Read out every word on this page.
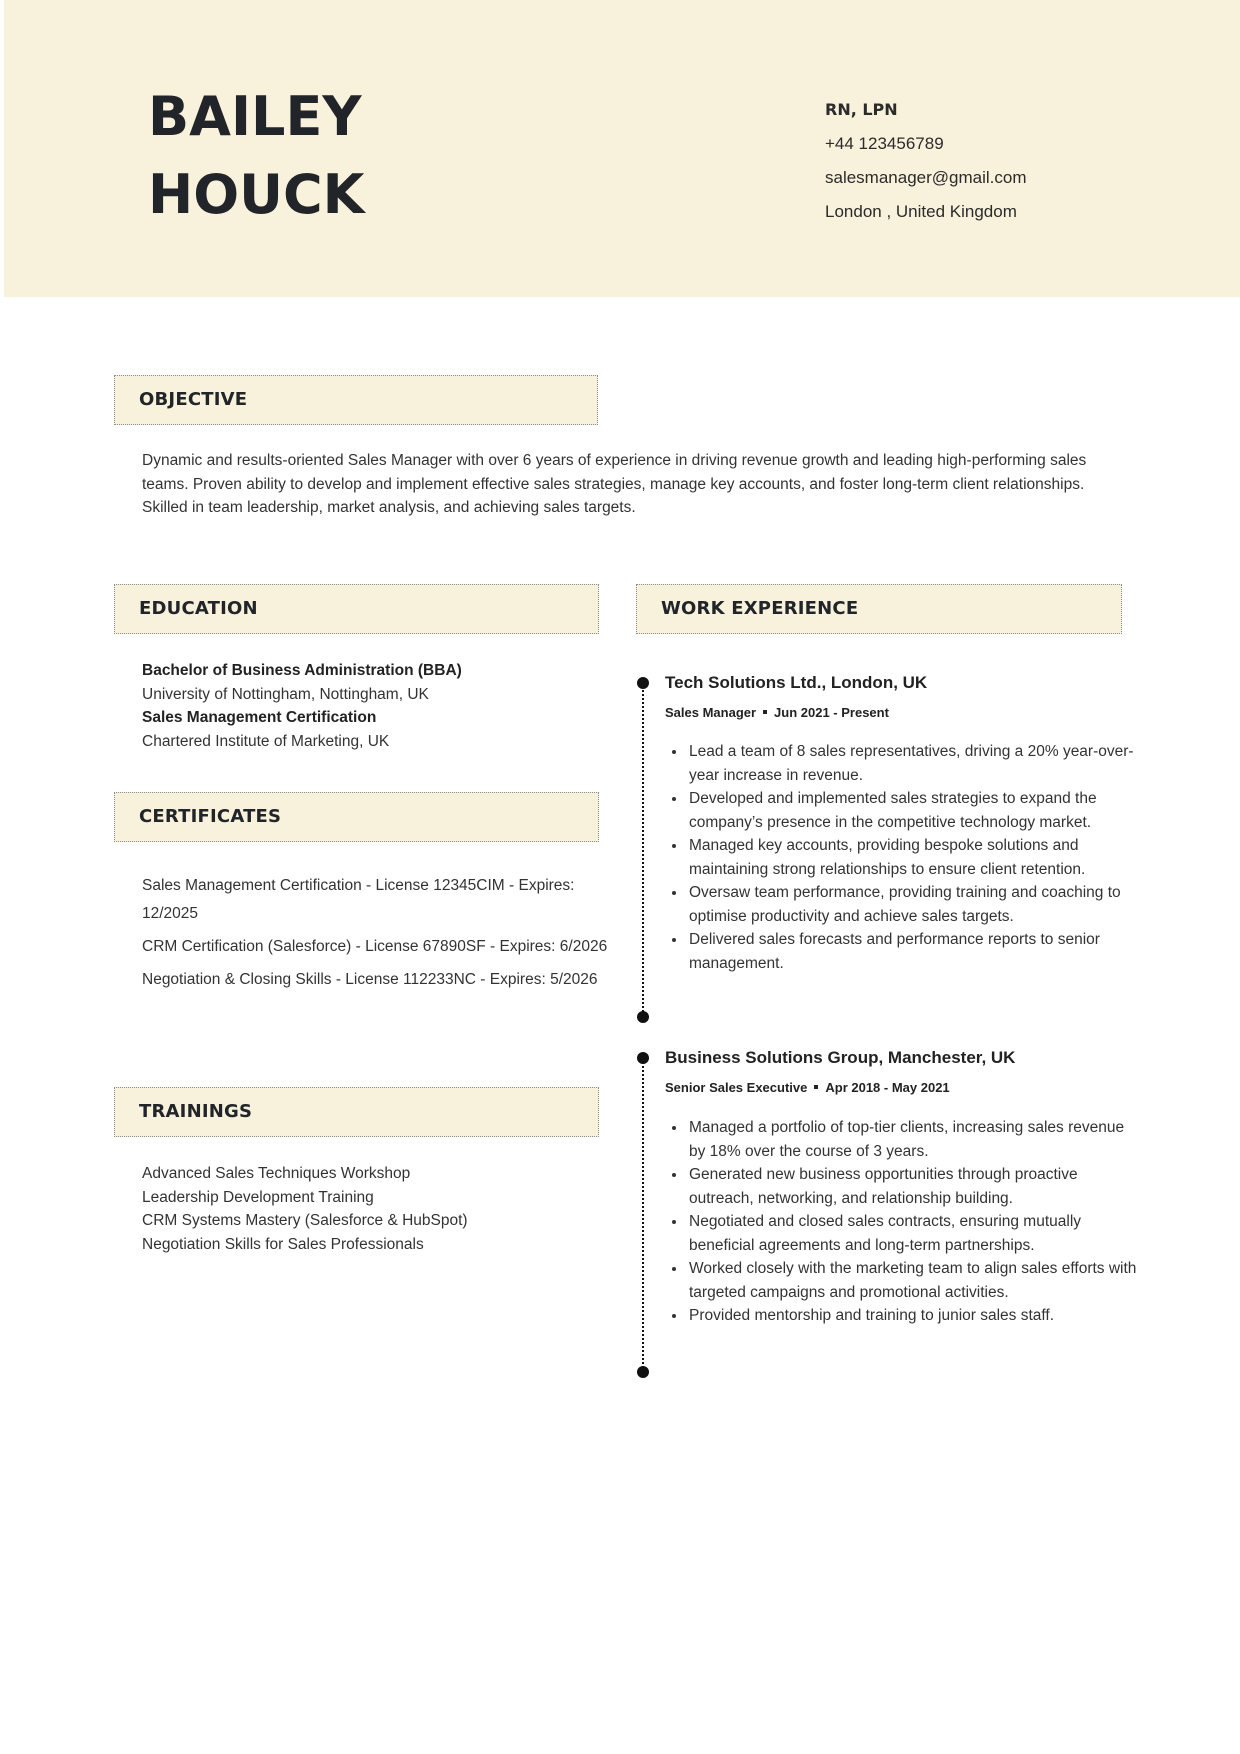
BAILEY
HOUCK
RN, LPN
+44 123456789
salesmanager@gmail.com
London , United Kingdom
OBJECTIVE
Dynamic and results-oriented Sales Manager with over 6 years of experience in driving revenue growth and leading high-performing sales teams. Proven ability to develop and implement effective sales strategies, manage key accounts, and foster long-term client relationships. Skilled in team leadership, market analysis, and achieving sales targets.
EDUCATION
Bachelor of Business Administration (BBA)
University of Nottingham, Nottingham, UK
Sales Management Certification
Chartered Institute of Marketing, UK
CERTIFICATES
Sales Management Certification - License 12345CIM - Expires: 12/2025
CRM Certification (Salesforce) - License 67890SF - Expires: 6/2026
Negotiation & Closing Skills - License 112233NC - Expires: 5/2026
TRAININGS
Advanced Sales Techniques Workshop
Leadership Development Training
CRM Systems Mastery (Salesforce & HubSpot)
Negotiation Skills for Sales Professionals
WORK EXPERIENCE
Tech Solutions Ltd., London, UK
Sales Manager Jun 2021 - Present
• Lead a team of 8 sales representatives, driving a 20% year-over-year increase in revenue.
• Developed and implemented sales strategies to expand the company’s presence in the competitive technology market.
• Managed key accounts, providing bespoke solutions and maintaining strong relationships to ensure client retention.
• Oversaw team performance, providing training and coaching to optimise productivity and achieve sales targets.
• Delivered sales forecasts and performance reports to senior management.
Business Solutions Group, Manchester, UK
Senior Sales Executive Apr 2018 - May 2021
• Managed a portfolio of top-tier clients, increasing sales revenue by 18% over the course of 3 years.
• Generated new business opportunities through proactive outreach, networking, and relationship building.
• Negotiated and closed sales contracts, ensuring mutually beneficial agreements and long-term partnerships.
• Worked closely with the marketing team to align sales efforts with targeted campaigns and promotional activities.
• Provided mentorship and training to junior sales staff.
